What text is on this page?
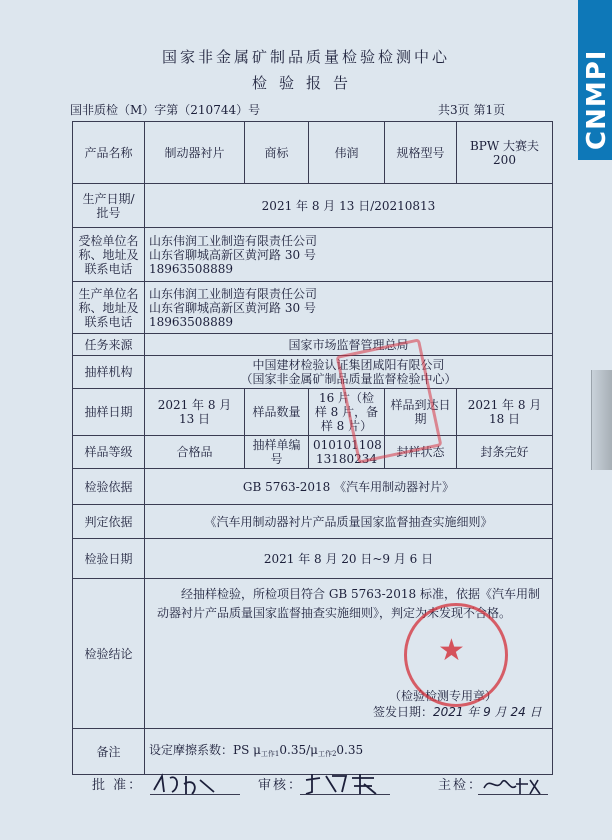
CNMPI
国家非金属矿制品质量检验检测中心
检验报告
国非质检（M）字第（210744）号	共3页 第1页
产品名称	制动器衬片	商标	伟润	规格型号	BPW 大赛夫 200
生产日期/批号	2021 年 8 月 13 日/20210813				
受检单位名称、地址及联系电话	山东伟润工业制造有限责任公司
山东省聊城高新区黄河路 30 号
18963508889				

生产单位名称、地址及联系电话	山东伟润工业制造有限责任公司
山东省聊城高新区黄河路 30 号
18963508889				

任务来源	国家市场监督管理总局				
抽样机构	中国建材检验认证集团咸阳有限公司
（国家非金属矿制品质量监督检验中心）				

抽样日期	2021 年 8 月 13 日	样品数量	16 片（检样 8 片，备样 8 片）	样品到达日期	2021 年 8 月 18 日
样品等级	合格品	抽样单编号	010101108 13180234	封样状态	封条完好
检验依据	GB 5763-2018 《汽车用制动器衬片》				
判定依据	《汽车用制动器衬片产品质量国家监督抽查实施细则》				
检验日期	2021 年 8 月 20 日~9 月 6 日				
检验结论	经抽样检验，所检项目符合 GB 5763-2018 标准，依据《汽车用制动器衬片产品质量国家监督抽查实施细则》，判定为未发现不合格。
（检验检测专用章）
签发日期：2021 年 9 月 24 日				

备注	设定摩擦系数：PS $\mu_{工作1}0.35/\mu_{工作2}0.35$				
★
批 准：	审核：	主检：
